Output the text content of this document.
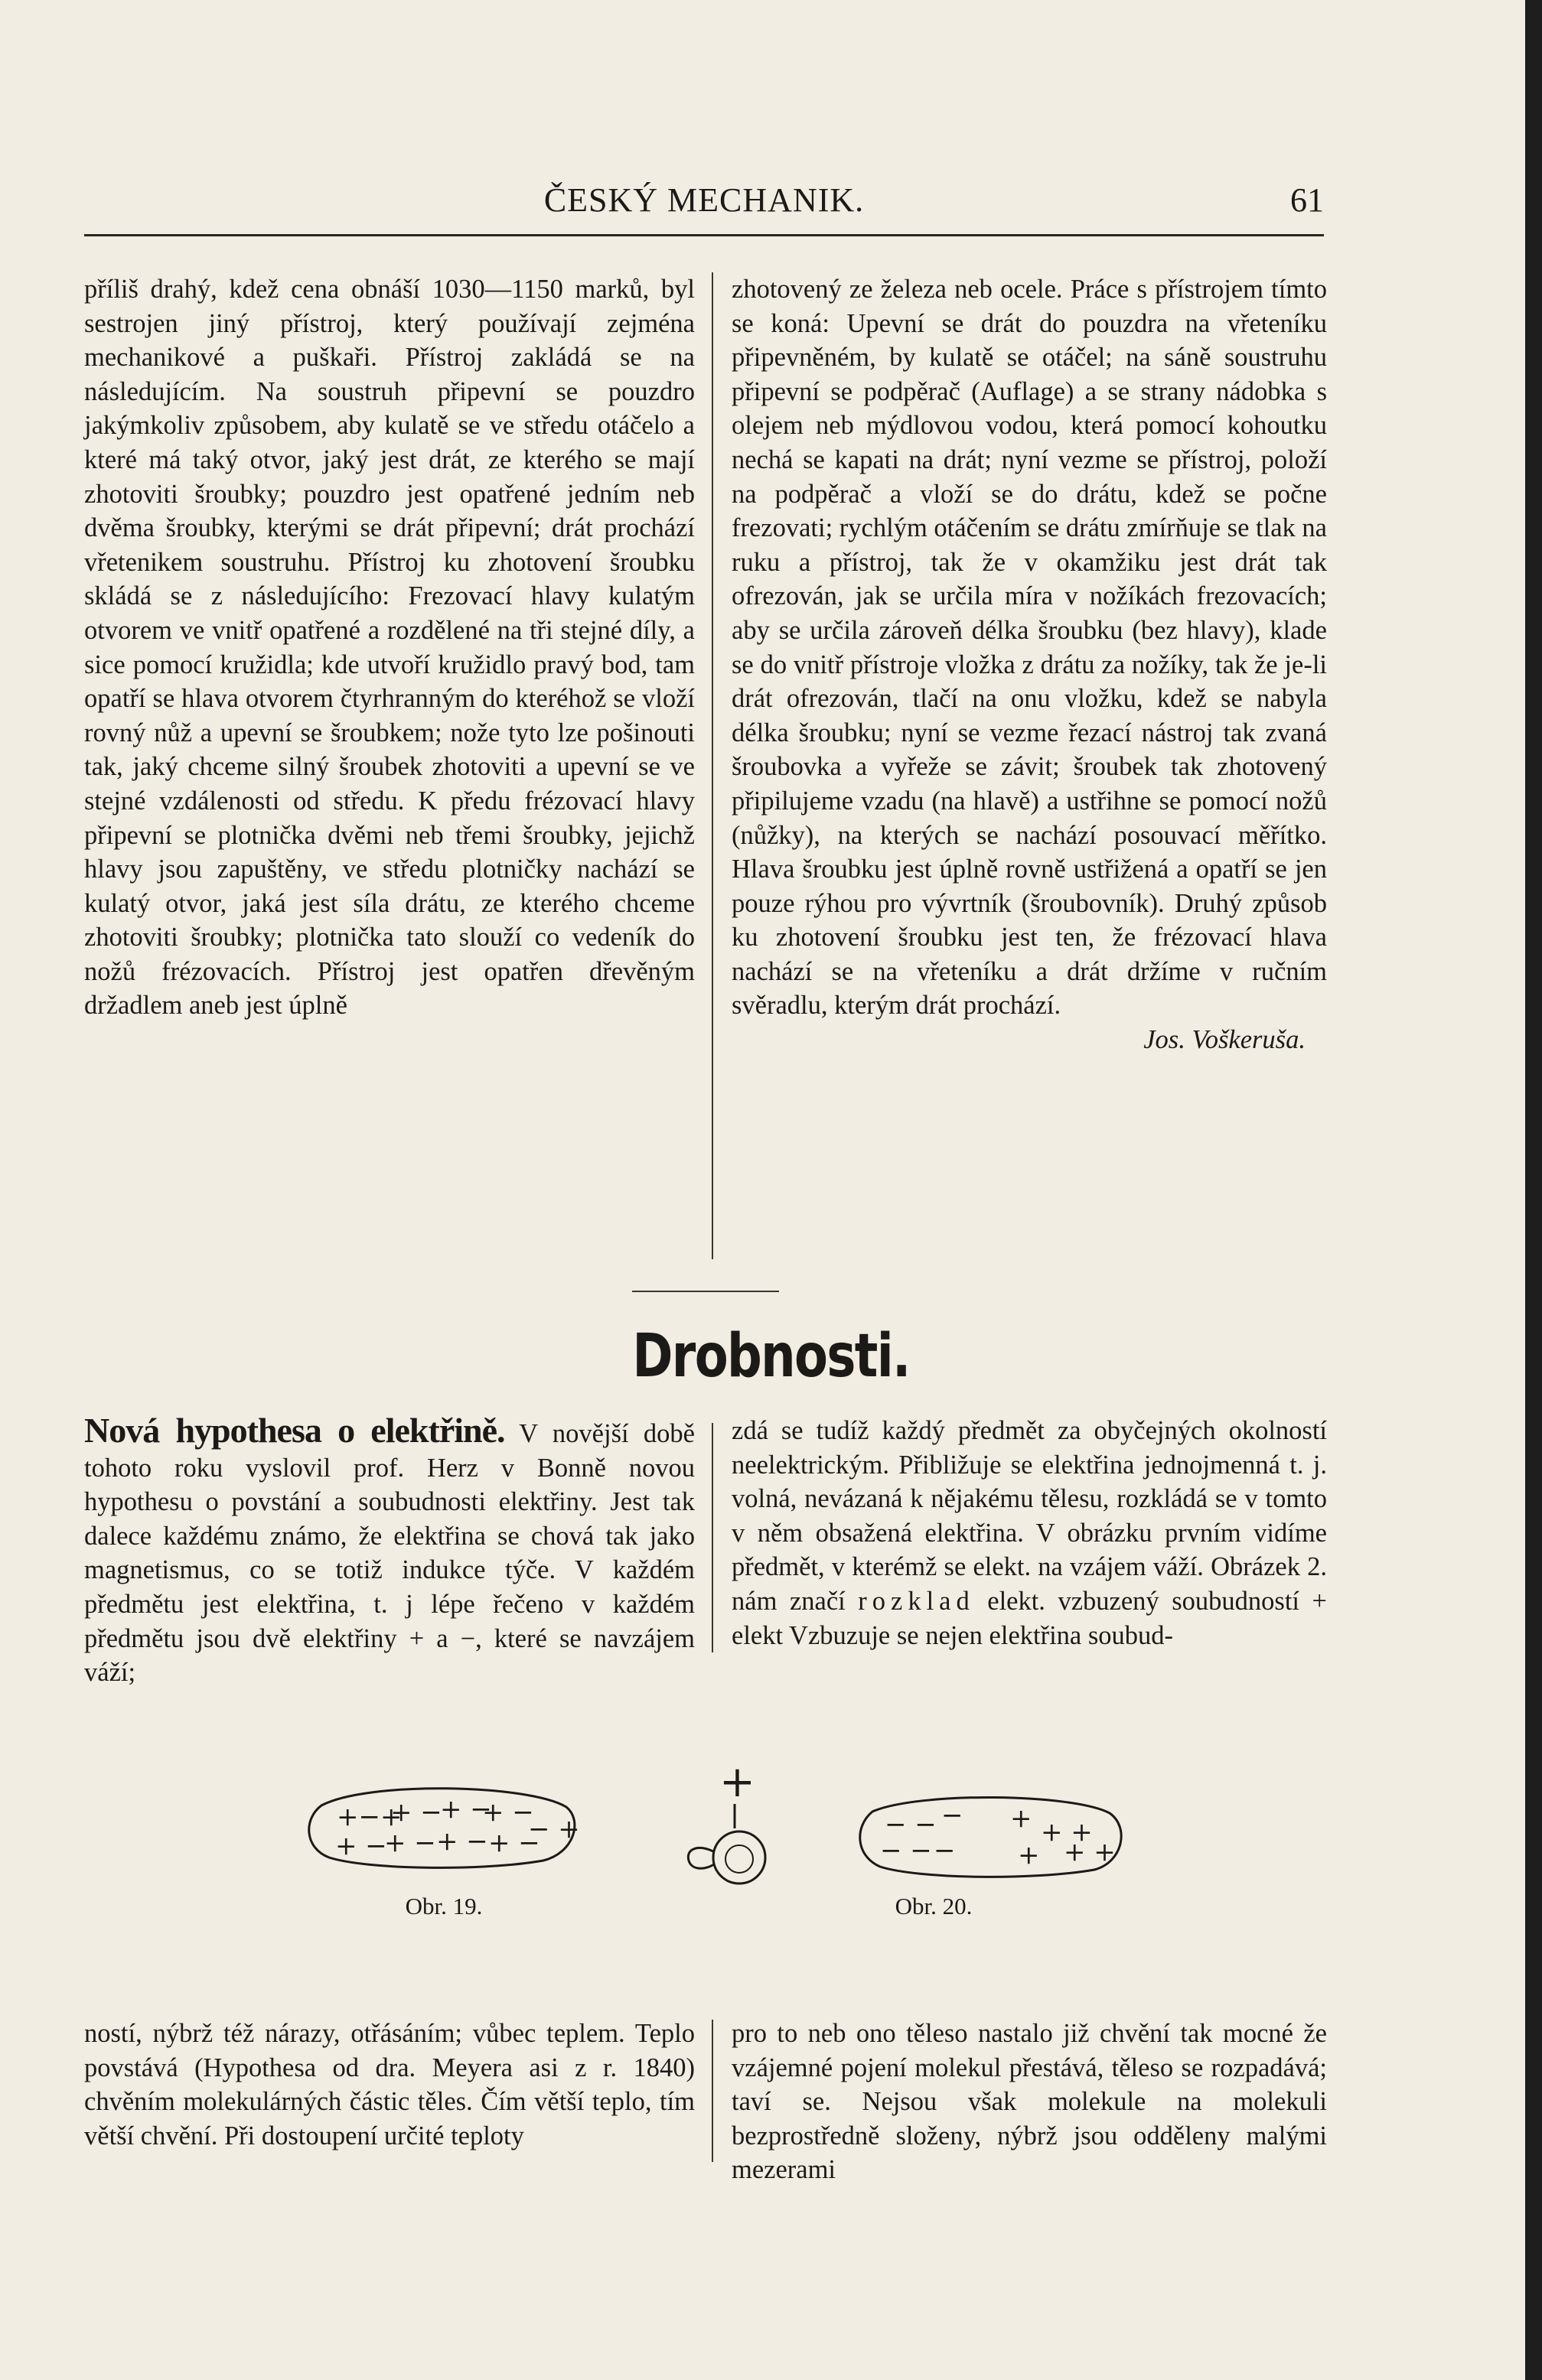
ČESKÝ MECHANIK.	61

příliš drahý, kdež cena obnáší 1030—1150 marků, byl sestrojen jiný přístroj, který používají zejména mechanikové a puškaři. Přístroj zakládá se na následujícím. Na soustruh připevní se pouzdro jakýmkoliv způsobem, aby kulatě se ve středu otáčelo a které má taký otvor, jaký jest drát, ze kterého se mají zhotoviti šroubky; pouzdro jest opatřené jedním neb dvěma šroubky, kterými se drát připevní; drát prochází vřetenikem soustruhu. Přístroj ku zhotovení šroubku skládá se z následujícího: Frezovací hlavy kulatým otvorem ve vnitř opatřené a rozdělené na tři stejné díly, a sice pomocí kružidla; kde utvoří kružidlo pravý bod, tam opatří se hlava otvorem čtyrhranným do kteréhož se vloží rovný nůž a upevní se šroubkem; nože tyto lze pošinouti tak, jaký chceme silný šroubek zhotoviti a upevní se ve stejné vzdálenosti od středu. K předu frézovací hlavy připevní se plotnička dvěmi neb třemi šroubky, jejichž hlavy jsou zapuštěny, ve středu plotničky nachází se kulatý otvor, jaká jest síla drátu, ze kterého chceme zhotoviti šroubky; plotnička tato slouží co vedeník do nožů frézovacích. Přístroj jest opatřen dřevěným držadlem aneb jest úplně

zhotovený ze železa neb ocele. Práce s přístrojem tímto se koná: Upevní se drát do pouzdra na vřeteníku připevněném, by kulatě se otáčel; na sáně soustruhu připevní se podpěrač (Auflage) a se strany nádobka s olejem neb mýdlovou vodou, která pomocí kohoutku nechá se kapati na drát; nyní vezme se přístroj, položí na podpěrač a vloží se do drátu, kdež se počne frezovati; rychlým otáčením se drátu zmírňuje se tlak na ruku a přístroj, tak že v okamžiku jest drát tak ofrezován, jak se určila míra v nožíkách frezovacích; aby se určila zároveň délka šroubku (bez hlavy), klade se do vnitř přístroje vložka z drátu za nožíky, tak že je-li drát ofrezován, tlačí na onu vložku, kdež se nabyla délka šroubku; nyní se vezme řezací nástroj tak zvaná šroubovka a vyřeže se závit; šroubek tak zhotovený připilujeme vzadu (na hlavě) a ustřihne se pomocí nožů (nůžky), na kterých se nachází posouvací měřítko. Hlava šroubku jest úplně rovně ustřižená a opatří se jen pouze rýhou pro vývrtník (šroubovník). Druhý způsob ku zhotovení šroubku jest ten, že frézovací hlava nachází se na vřeteníku a drát držíme v ručním svěradlu, kterým drát prochází.

Jos. Voškeruša.

Drobnosti.

Nová hypothesa o elektřině. V novější době tohoto roku vyslovil prof. Herz v Bonně novou hypothesu o povstání a soubudnosti elektřiny. Jest tak dalece každému známo, že elektřina se chová tak jako magnetismus, co se totiž indukce týče. V každém předmětu jest elektřina, t. j lépe řečeno v každém předmětu jsou dvě elektřiny + a −, které se navzájem váží;

zdá se tudíž každý předmět za obyčejných okolností neelektrickým. Přibližuje se elektřina jednojmenná t. j. volná, nevázaná k nějakému tělesu, rozkládá se v tomto v něm obsažená elektřina. V obrázku prvním vidíme předmět, v kterémž se elekt. na vzájem váží. Obrázek 2. nám značí rozklad elekt. vzbuzený soubudností + elekt Vzbuzuje se nejen elektřina soubud-

+−+
+ −
+ −
+ −
+ −
+ − + − + −
− +
+
− − −
− − −
+ + +
+ + +
Obr. 19.	Obr. 20.

ností, nýbrž též nárazy, otřásáním; vůbec teplem. Teplo povstává (Hypothesa od dra. Meyera asi z r. 1840) chvěním molekulárných částic těles. Čím větší teplo, tím větší chvění. Při dostoupení určité teploty

pro to neb ono těleso nastalo již chvění tak mocné že vzájemné pojení molekul přestává, těleso se rozpadává; taví se. Nejsou však molekule na molekuli bezprostředně složeny, nýbrž jsou odděleny malými mezerami
